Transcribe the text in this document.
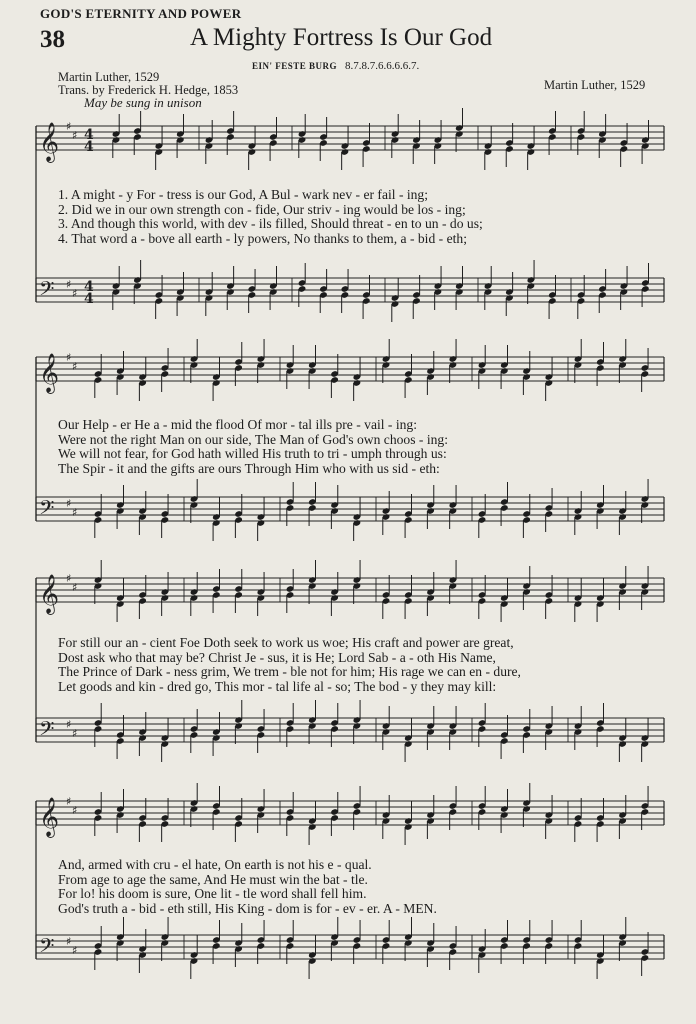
GOD'S ETERNITY AND POWER
38	A Mighty Fortress Is Our God
EIN' FESTE BURG 8.7.8.7.6.6.6.6.7.
Martin Luther, 1529
Trans. by Frederick H. Hedge, 1853
May be sung in unison
Martin Luther, 1529
𝄞 ♯
♯ 4
4
𝄢 ♯
♯ 4
4
𝄞 ♯
♯
𝄢 ♯
♯
𝄞 ♯
♯
𝄢 ♯
♯
𝄞 ♯
♯
𝄢 ♯
♯
1. A might - y For - tress is our God, A Bul - wark nev - er fail - ing;
2. Did we in our own strength con - fide, Our striv - ing would be los - ing;
3. And though this world, with dev - ils filled, Should threat - en to un - do us;
4. That word a - bove all earth - ly powers, No thanks to them, a - bid - eth;
Our Help - er He a - mid the flood Of mor - tal ills pre - vail - ing:
Were not the right Man on our side, The Man of God's own choos - ing:
We will not fear, for God hath willed His truth to tri - umph through us:
The Spir - it and the gifts are ours Through Him who with us sid - eth:
For still our an - cient Foe Doth seek to work us woe; His craft and power are great,
Dost ask who that may be? Christ Je - sus, it is He; Lord Sab - a - oth His Name,
The Prince of Dark - ness grim, We trem - ble not for him; His rage we can en - dure,
Let goods and kin - dred go, This mor - tal life al - so; The bod - y they may kill:
And, armed with cru - el hate, On earth is not his e - qual.
From age to age the same, And He must win the bat - tle.
For lo! his doom is sure, One lit - tle word shall fell him.
God's truth a - bid - eth still, His King - dom is for - ev - er. A - MEN.
